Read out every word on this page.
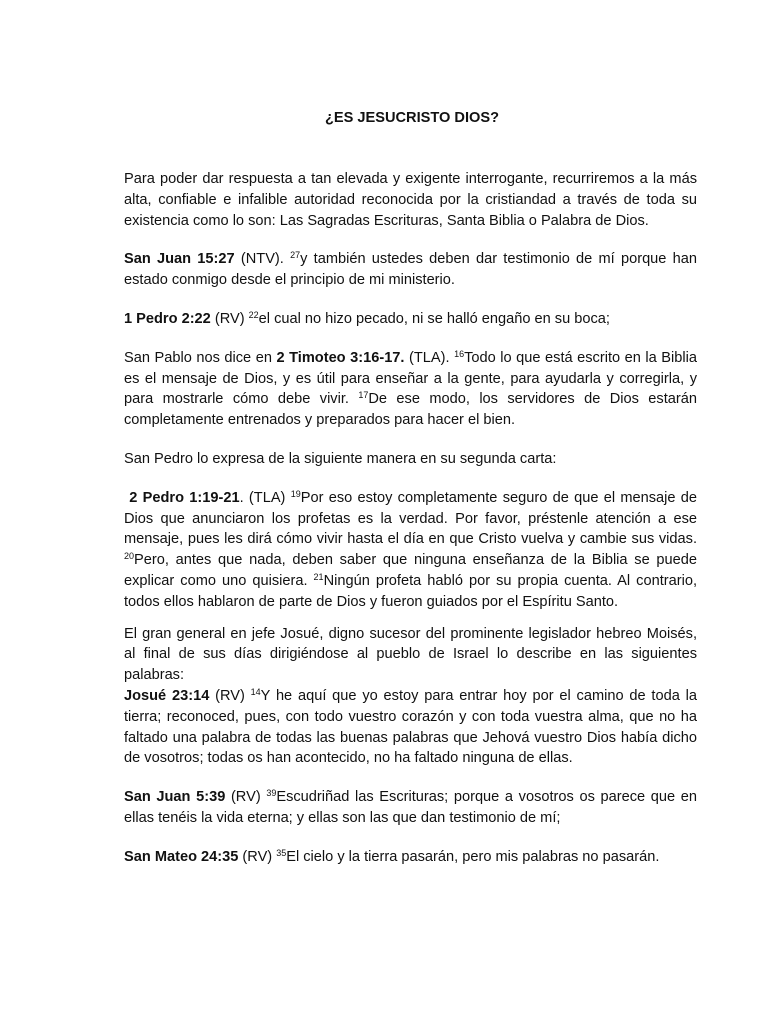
¿ES JESUCRISTO DIOS?

Para poder dar respuesta a tan elevada y exigente interrogante, recurriremos a la más alta, confiable e infalible autoridad reconocida por la cristiandad a través de toda su existencia como lo son: Las Sagradas Escrituras, Santa Biblia o Palabra de Dios.

San Juan 15:27 (NTV). $^{27}$y también ustedes deben dar testimonio de mí porque han estado conmigo desde el principio de mi ministerio.

1 Pedro 2:22 (RV) $^{22}$el cual no hizo pecado, ni se halló engaño en su boca;

San Pablo nos dice en 2 Timoteo 3:16-17. (TLA). $^{16}$Todo lo que está escrito en la Biblia es el mensaje de Dios, y es útil para enseñar a la gente, para ayudarla y corregirla, y para mostrarle cómo debe vivir. $^{17}$De ese modo, los servidores de Dios estarán completamente entrenados y preparados para hacer el bien.

San Pedro lo expresa de la siguiente manera en su segunda carta:

2 Pedro 1:19-21. (TLA) $^{19}$Por eso estoy completamente seguro de que el mensaje de Dios que anunciaron los profetas es la verdad. Por favor, préstenle atención a ese mensaje, pues les dirá cómo vivir hasta el día en que Cristo vuelva y cambie sus vidas. $^{20}$Pero, antes que nada, deben saber que ninguna enseñanza de la Biblia se puede explicar como uno quisiera. $^{21}$Ningún profeta habló por su propia cuenta. Al contrario, todos ellos hablaron de parte de Dios y fueron guiados por el Espíritu Santo.

El gran general en jefe Josué, digno sucesor del prominente legislador hebreo Moisés, al final de sus días dirigiéndose al pueblo de Israel lo describe en las siguientes palabras:

Josué 23:14 (RV) $^{14}$Y he aquí que yo estoy para entrar hoy por el camino de toda la tierra; reconoced, pues, con todo vuestro corazón y con toda vuestra alma, que no ha faltado una palabra de todas las buenas palabras que Jehová vuestro Dios había dicho de vosotros; todas os han acontecido, no ha faltado ninguna de ellas.

San Juan 5:39 (RV) $^{39}$Escudriñad las Escrituras; porque a vosotros os parece que en ellas tenéis la vida eterna; y ellas son las que dan testimonio de mí;

San Mateo 24:35 (RV) $^{35}$El cielo y la tierra pasarán, pero mis palabras no pasarán.
